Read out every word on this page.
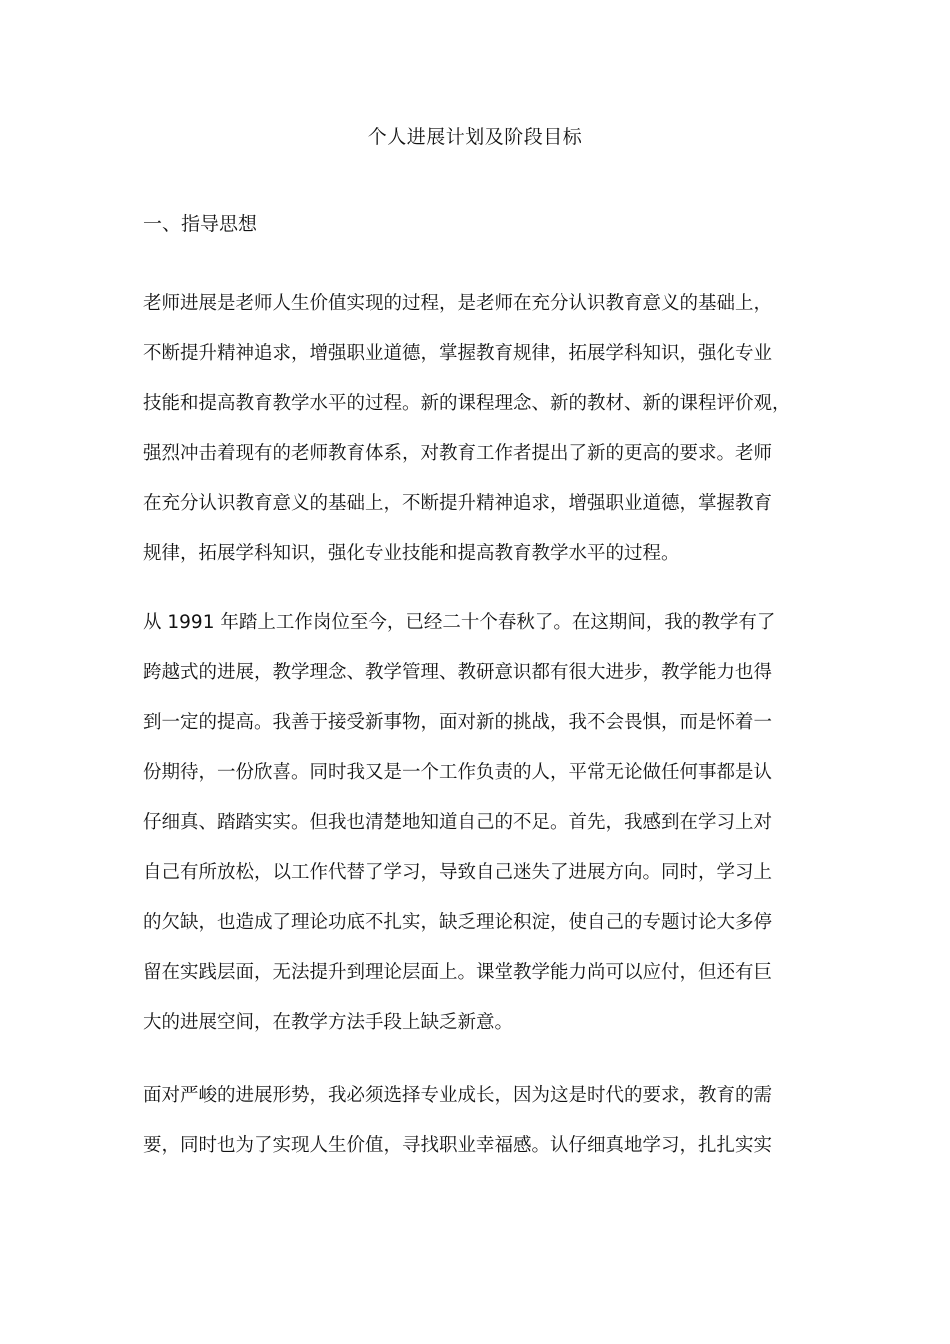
个人进展计划及阶段目标
一、指导思想
老师进展是老师人生价值实现的过程，是老师在充分认识教育意义的基础上，
不断提升精神追求，增强职业道德，掌握教育规律，拓展学科知识，强化专业
技能和提高教育教学水平的过程。新的课程理念、新的教材、新的课程评价观，
强烈冲击着现有的老师教育体系，对教育工作者提出了新的更高的要求。老师
在充分认识教育意义的基础上，不断提升精神追求，增强职业道德，掌握教育
规律，拓展学科知识，强化专业技能和提高教育教学水平的过程。
从 1991 年踏上工作岗位至今，已经二十个春秋了。在这期间，我的教学有了
跨越式的进展，教学理念、教学管理、教研意识都有很大进步，教学能力也得
到一定的提高。我善于接受新事物，面对新的挑战，我不会畏惧，而是怀着一
份期待，一份欣喜。同时我又是一个工作负责的人，平常无论做任何事都是认
仔细真、踏踏实实。但我也清楚地知道自己的不足。首先，我感到在学习上对
自己有所放松，以工作代替了学习，导致自己迷失了进展方向。同时，学习上
的欠缺，也造成了理论功底不扎实，缺乏理论积淀，使自己的专题讨论大多停
留在实践层面，无法提升到理论层面上。课堂教学能力尚可以应付，但还有巨
大的进展空间，在教学方法手段上缺乏新意。
面对严峻的进展形势，我必须选择专业成长，因为这是时代的要求，教育的需
要，同时也为了实现人生价值，寻找职业幸福感。认仔细真地学习，扎扎实实
